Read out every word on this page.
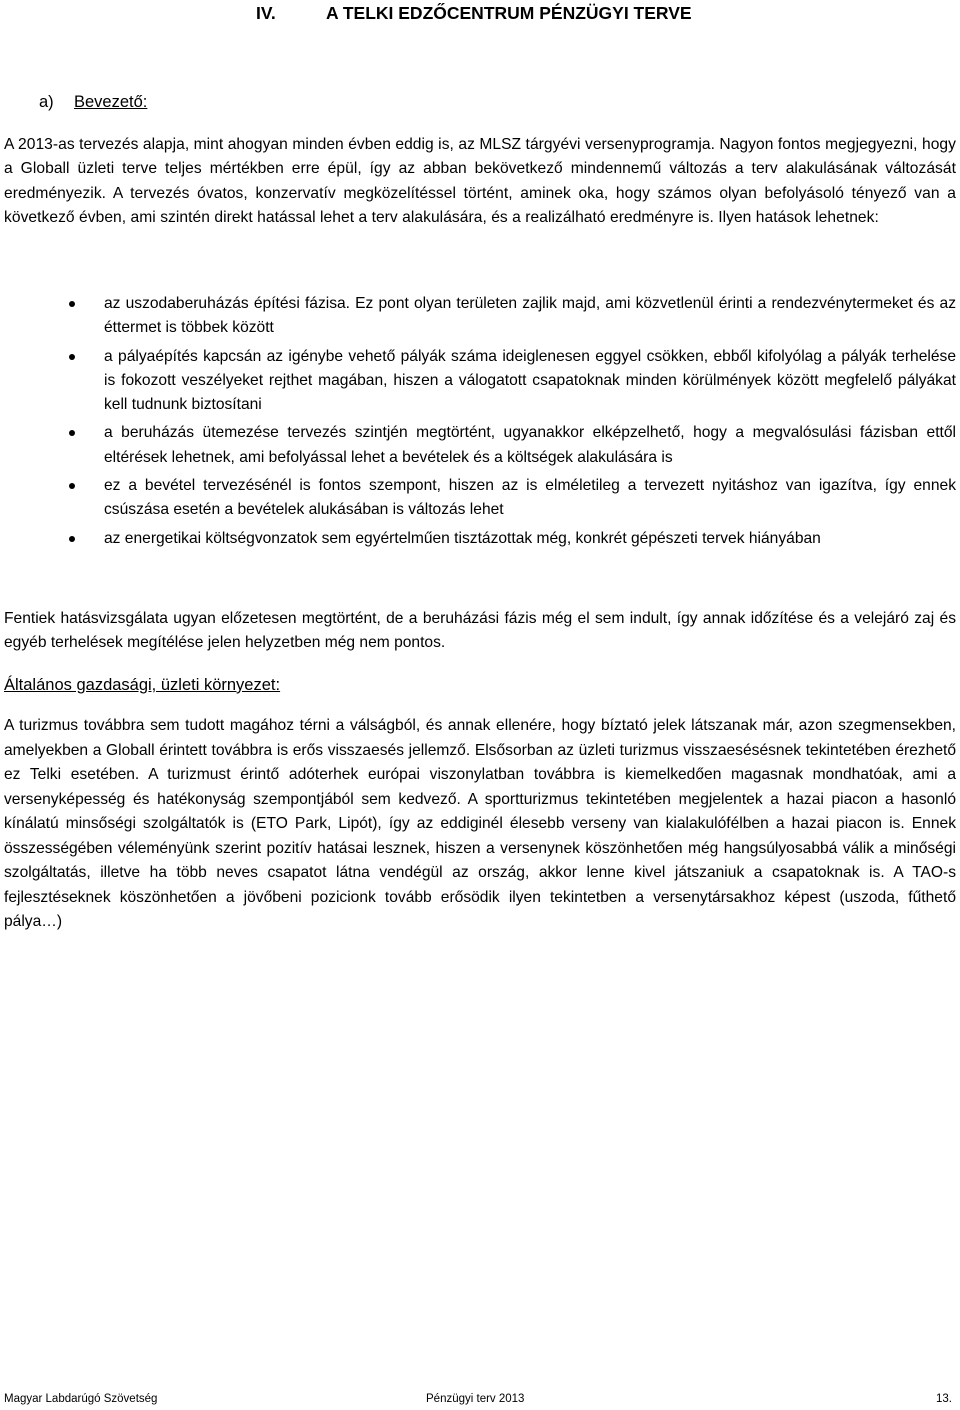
IV.	A TELKI EDZŐCENTRUM PÉNZÜGYI TERVE
a) Bevezető:

A 2013-as tervezés alapja, mint ahogyan minden évben eddig is, az MLSZ tárgyévi versenyprogramja. Nagyon fontos megjegyezni, hogy a Globall üzleti terve teljes mértékben erre épül, így az abban bekövetkező mindennemű változás a terv alakulásának változását eredményezik. A tervezés óvatos, konzervatív megközelítéssel történt, aminek oka, hogy számos olyan befolyásoló tényező van a következő évben, ami szintén direkt hatással lehet a terv alakulására, és a realizálható eredményre is. Ilyen hatások lehetnek:

az uszodaberuházás építési fázisa. Ez pont olyan területen zajlik majd, ami közvetlenül érinti a rendezvénytermeket és az éttermet is többek között
a pályaépítés kapcsán az igénybe vehető pályák száma ideiglenesen eggyel csökken, ebből kifolyólag a pályák terhelése is fokozott veszélyeket rejthet magában, hiszen a válogatott csapatoknak minden körülmények között megfelelő pályákat kell tudnunk biztosítani
a beruházás ütemezése tervezés szintjén megtörtént, ugyanakkor elképzelhető, hogy a megvalósulási fázisban ettől eltérések lehetnek, ami befolyással lehet a bevételek és a költségek alakulására is
ez a bevétel tervezésénél is fontos szempont, hiszen az is elméletileg a tervezett nyitáshoz van igazítva, így ennek csúszása esetén a bevételek alukásában is változás lehet
az energetikai költségvonzatok sem egyértelműen tisztázottak még, konkrét gépészeti tervek hiányában

Fentiek hatásvizsgálata ugyan előzetesen megtörtént, de a beruházási fázis még el sem indult, így annak időzítése és a velejáró zaj és egyéb terhelések megítélése jelen helyzetben még nem pontos.

Általános gazdasági, üzleti környezet:

A turizmus továbbra sem tudott magához térni a válságból, és annak ellenére, hogy bíztató jelek látszanak már, azon szegmensekben, amelyekben a Globall érintett továbbra is erős visszaesés jellemző. Elsősorban az üzleti turizmus visszaesésésnek tekintetében érezhető ez Telki esetében. A turizmust érintő adóterhek európai viszonylatban továbbra is kiemelkedően magasnak mondhatóak, ami a versenyképesség és hatékonyság szempontjából sem kedvező. A sportturizmus tekintetében megjelentek a hazai piacon a hasonló kínálatú minsőségi szolgáltatók is (ETO Park, Lipót), így az eddiginél élesebb verseny van kialakulófélben a hazai piacon is. Ennek összességében véleményünk szerint pozitív hatásai lesznek, hiszen a versenynek köszönhetően még hangsúlyosabbá válik a minőségi szolgáltatás, illetve ha több neves csapatot látna vendégül az ország, akkor lenne kivel játszaniuk a csapatoknak is. A TAO-s fejlesztéseknek köszönhetően a jövőbeni pozicionk tovább erősödik ilyen tekintetben a versenytársakhoz képest (uszoda, fűthető pálya…)

Magyar Labdarúgó Szövetség	Pénzügyi terv 2013	13.
